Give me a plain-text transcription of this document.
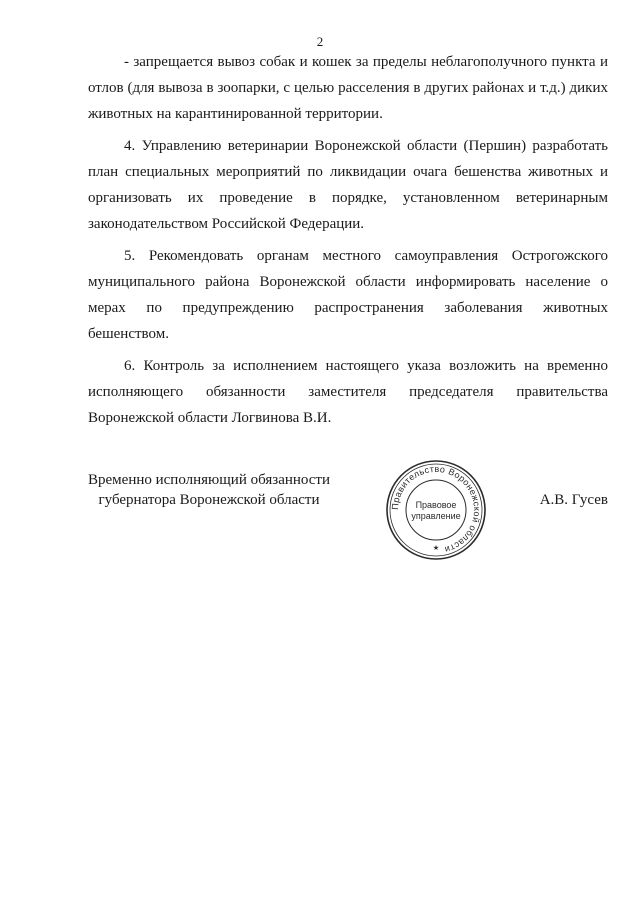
2

- запрещается вывоз собак и кошек за пределы неблагополучного пункта и отлов (для вывоза в зоопарки, с целью расселения в других районах и т.д.) диких животных на карантинированной территории.

4. Управлению ветеринарии Воронежской области (Першин) разработать план специальных мероприятий по ликвидации очага бешенства животных и организовать их проведение в порядке, установленном ветеринарным законодательством Российской Федерации.

5. Рекомендовать органам местного самоуправления Острогожского муниципального района Воронежской области информировать население о мерах по предупреждению распространения заболевания животных бешенством.

6. Контроль за исполнением настоящего указа возложить на временно исполняющего обязанности заместителя председателя правительства Воронежской области Логвинова В.И.

Временно исполняющий обязанности
губернатора Воронежской области	Правительство Воронежской области
Правовое
управление
★
А.В. Гусев
